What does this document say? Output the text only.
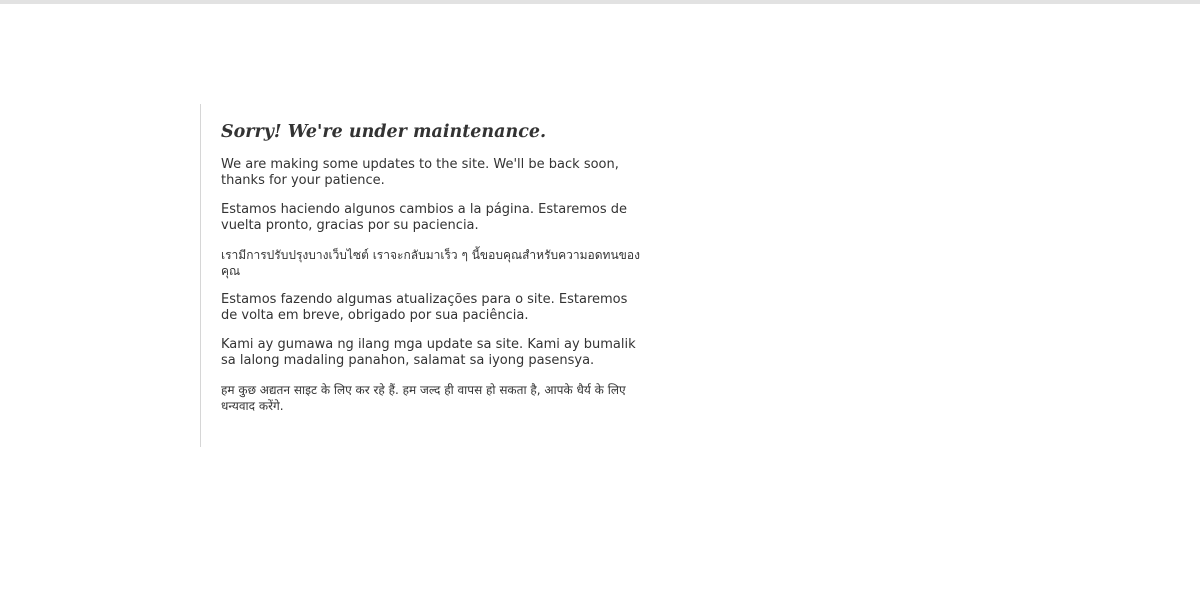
Sorry! We're under maintenance.

We are making some updates to the site. We'll be back soon, thanks for your patience.

Estamos haciendo algunos cambios a la página. Estaremos de vuelta pronto, gracias por su paciencia.

เรามีการปรับปรุงบางเว็บไซต์ เราจะกลับมาเร็ว ๆ นี้ขอบคุณสำหรับความอดทนของคุณ

Estamos fazendo algumas atualizações para o site. Estaremos de volta em breve, obrigado por sua paciência.

Kami ay gumawa ng ilang mga update sa site. Kami ay bumalik sa lalong madaling panahon, salamat sa iyong pasensya.

हम कुछ अद्यतन साइट के लिए कर रहे हैं. हम जल्द ही वापस हो सकता है, आपके धैर्य के लिए धन्यवाद करेंगे.
